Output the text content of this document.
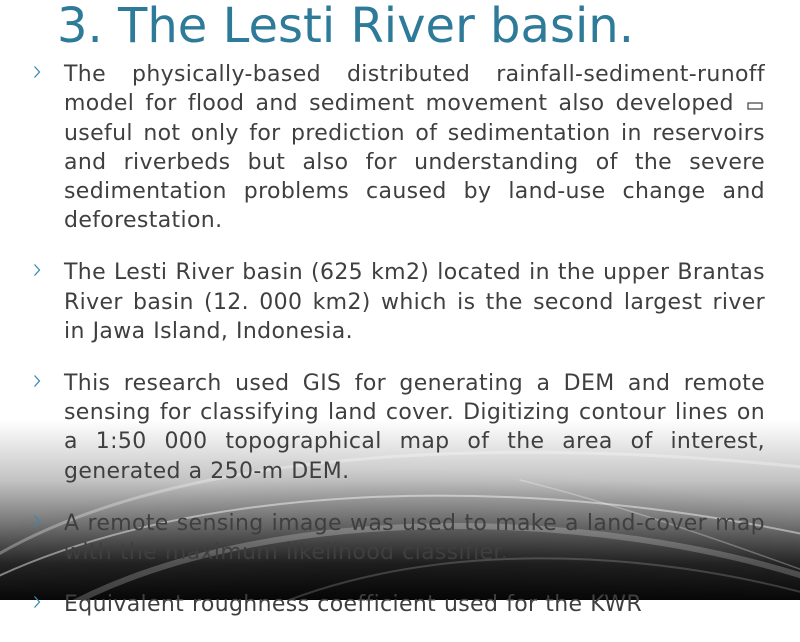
3. The Lesti River basin.
The physically-based distributed rainfall-sediment-runoff model for flood and sediment movement also developed  useful not only for prediction of sedimentation in reservoirs and riverbeds but also for understanding of the severe sedimentation problems caused by land-use change and deforestation.
The Lesti River basin (625 km2) located in the upper Brantas River basin (12. 000 km2) which is the second largest river in Jawa Island, Indonesia.
This research used GIS for generating a DEM and remote sensing for classifying land cover. Digitizing contour lines on a 1:50 000 topographical map of the area of interest, generated a 250-m DEM.
A remote sensing image was used to make a land-cover map with the maximum likelihood classifier.
Equivalent roughness coefficient used for the KWR
